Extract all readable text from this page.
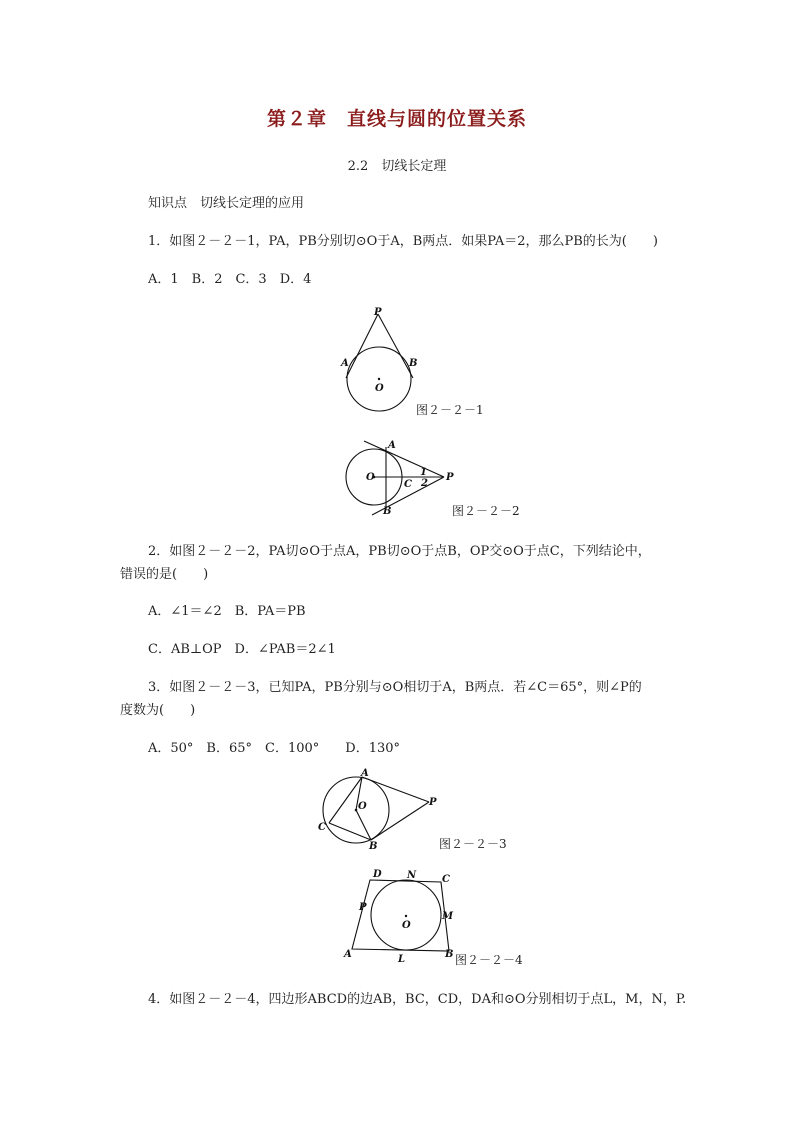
第２章　直线与圆的位置关系
2.2　切线长定理
知识点　切线长定理的应用
1．如图２－２－1，PA，PB分别切⊙O于A，B两点．如果PA＝2，那么PB的长为(　　)
A．1　B．2　C．3　D．4
P
A	B
O
图２－２－1
A
B
O
C
P
1
2
图２－２－2
2．如图２－２－2，PA切⊙O于点A，PB切⊙O于点B，OP交⊙O于点C，下列结论中，
错误的是(　　)
A．∠1＝∠2　B．PA＝PB
C．AB⊥OP　D．∠PAB＝2∠1
3．如图２－２－3，已知PA，PB分别与⊙O相切于A，B两点．若∠C＝65°，则∠P的
度数为(　　)
A．50°　B．65°　C．100°　　D．130°
A
B
C
O	P
图２－２－3
D	C
N
P
M
A	B
L
O
图２－２－4
4．如图２－２－4，四边形ABCD的边AB，BC，CD，DA和⊙O分别相切于点L，M，N，P.
